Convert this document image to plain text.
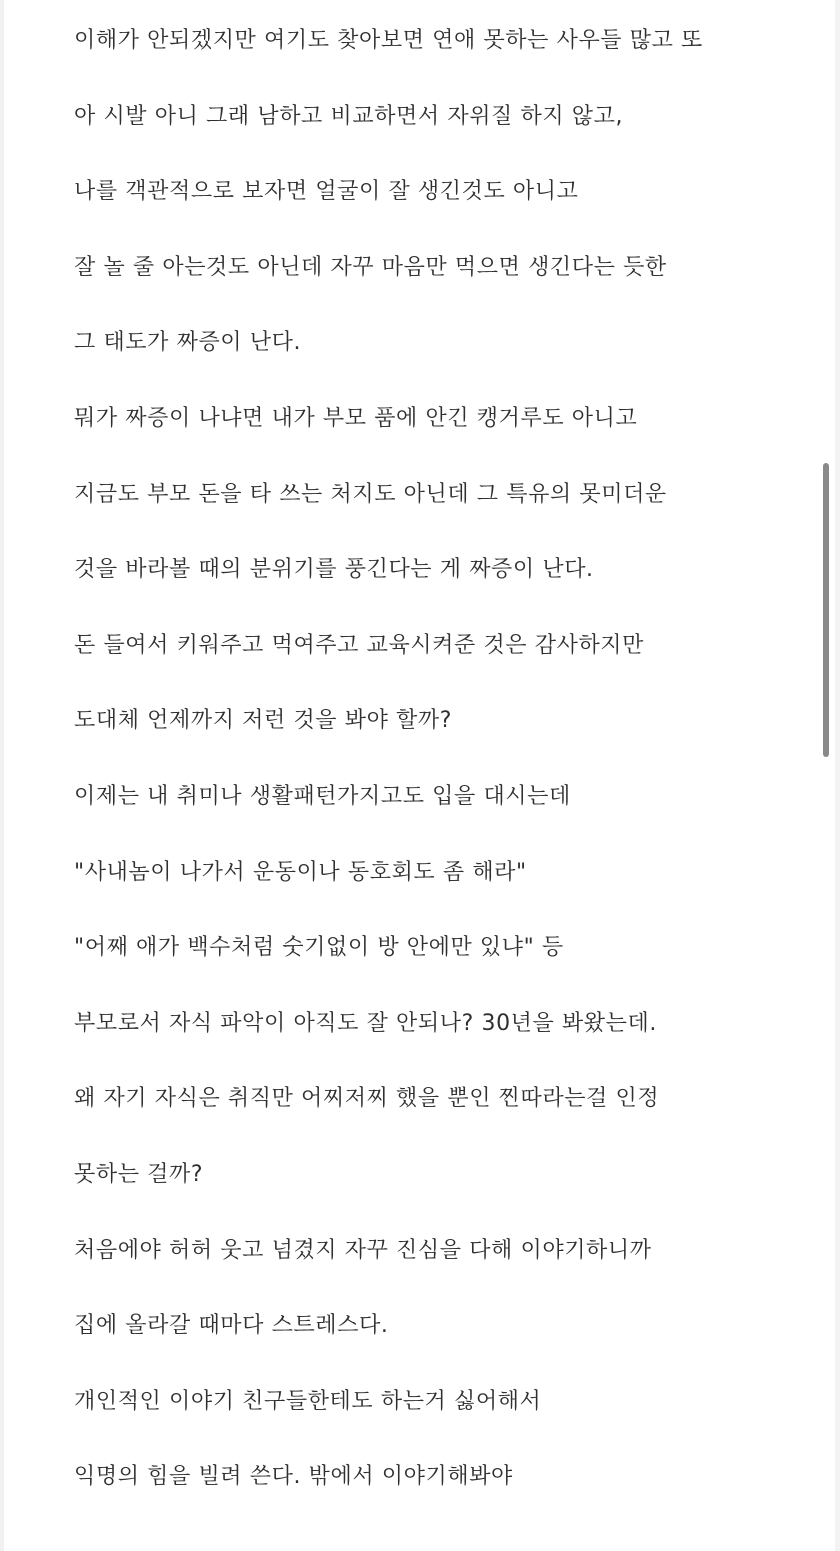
이해가 안되겠지만 여기도 찾아보면 연애 못하는 사우들 많고 또
아 시발 아니 그래 남하고 비교하면서 자위질 하지 않고,
나를 객관적으로 보자면 얼굴이 잘 생긴것도 아니고
잘 놀 줄 아는것도 아닌데 자꾸 마음만 먹으면 생긴다는 듯한
그 태도가 짜증이 난다.
뭐가 짜증이 나냐면 내가 부모 품에 안긴 캥거루도 아니고
지금도 부모 돈을 타 쓰는 처지도 아닌데 그 특유의 못미더운
것을 바라볼 때의 분위기를 풍긴다는 게 짜증이 난다.
돈 들여서 키워주고 먹여주고 교육시켜준 것은 감사하지만
도대체 언제까지 저런 것을 봐야 할까?
이제는 내 취미나 생활패턴가지고도 입을 대시는데
"사내놈이 나가서 운동이나 동호회도 좀 해라"
"어째 애가 백수처럼 숫기없이 방 안에만 있냐" 등
부모로서 자식 파악이 아직도 잘 안되나? 30년을 봐왔는데.
왜 자기 자식은 취직만 어찌저찌 했을 뿐인 찐따라는걸 인정
못하는 걸까?
처음에야 허허 웃고 넘겼지 자꾸 진심을 다해 이야기하니까
집에 올라갈 때마다 스트레스다.
개인적인 이야기 친구들한테도 하는거 싫어해서
익명의 힘을 빌려 쓴다. 밖에서 이야기해봐야
